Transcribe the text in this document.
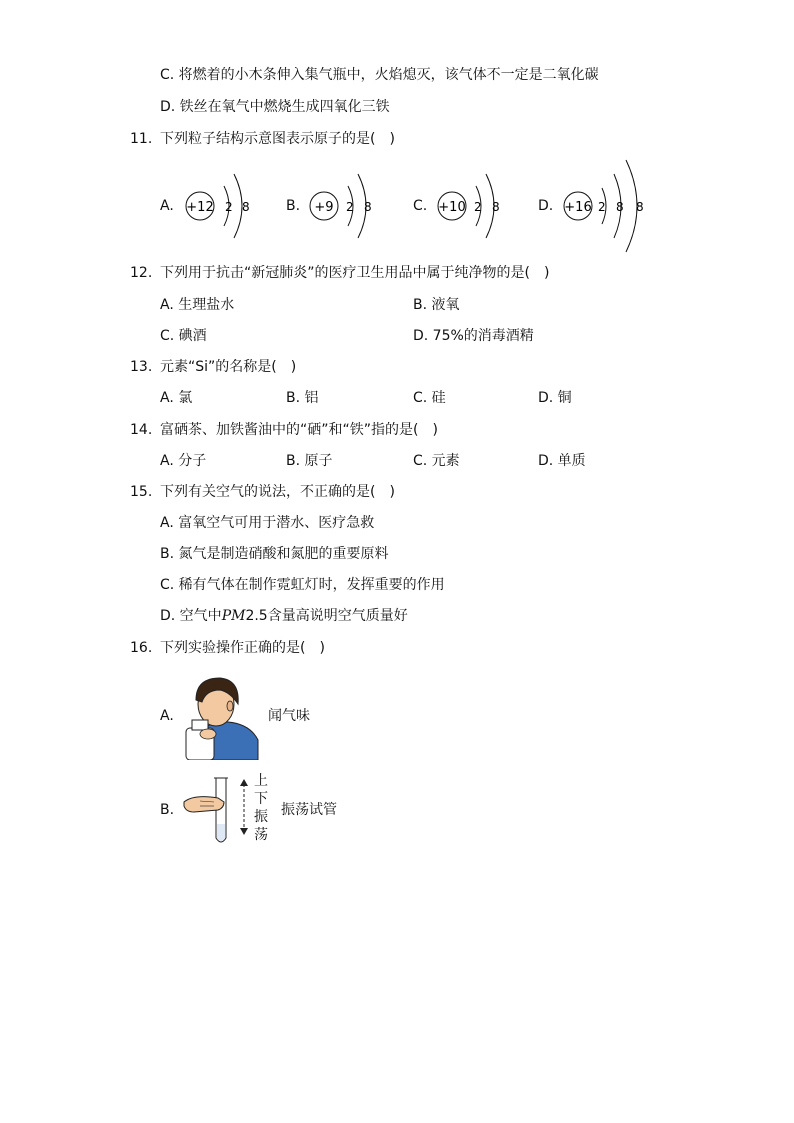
C. 将燃着的小木条伸入集气瓶中，火焰熄灭，该气体不一定是二氧化碳
D. 铁丝在氧气中燃烧生成四氧化三铁
11. 下列粒子结构示意图表示原子的是(　)
A. +12 2 8	B. +9 2 8	C. +10 2 8	D. +16 2 8 8
12. 下列用于抗击“新冠肺炎”的医疗卫生用品中属于纯净物的是(　)
A. 生理盐水	B. 液氧
C. 碘酒	D. 75%的消毒酒精
13. 元素“Si”的名称是(　)
A. 氯	B. 铝	C. 硅	D. 铜
14. 富硒茶、加铁酱油中的“硒”和“铁”指的是(　)
A. 分子	B. 原子	C. 元素	D. 单质
15. 下列有关空气的说法，不正确的是(　)
A. 富氧空气可用于潜水、医疗急救
B. 氮气是制造硝酸和氮肥的重要原料
C. 稀有气体在制作霓虹灯时，发挥重要的作用
D. 空气中PM2.5含量高说明空气质量好
16. 下列实验操作正确的是(　)
A.	闻气味
B.
上
下
振
荡
振荡试管
